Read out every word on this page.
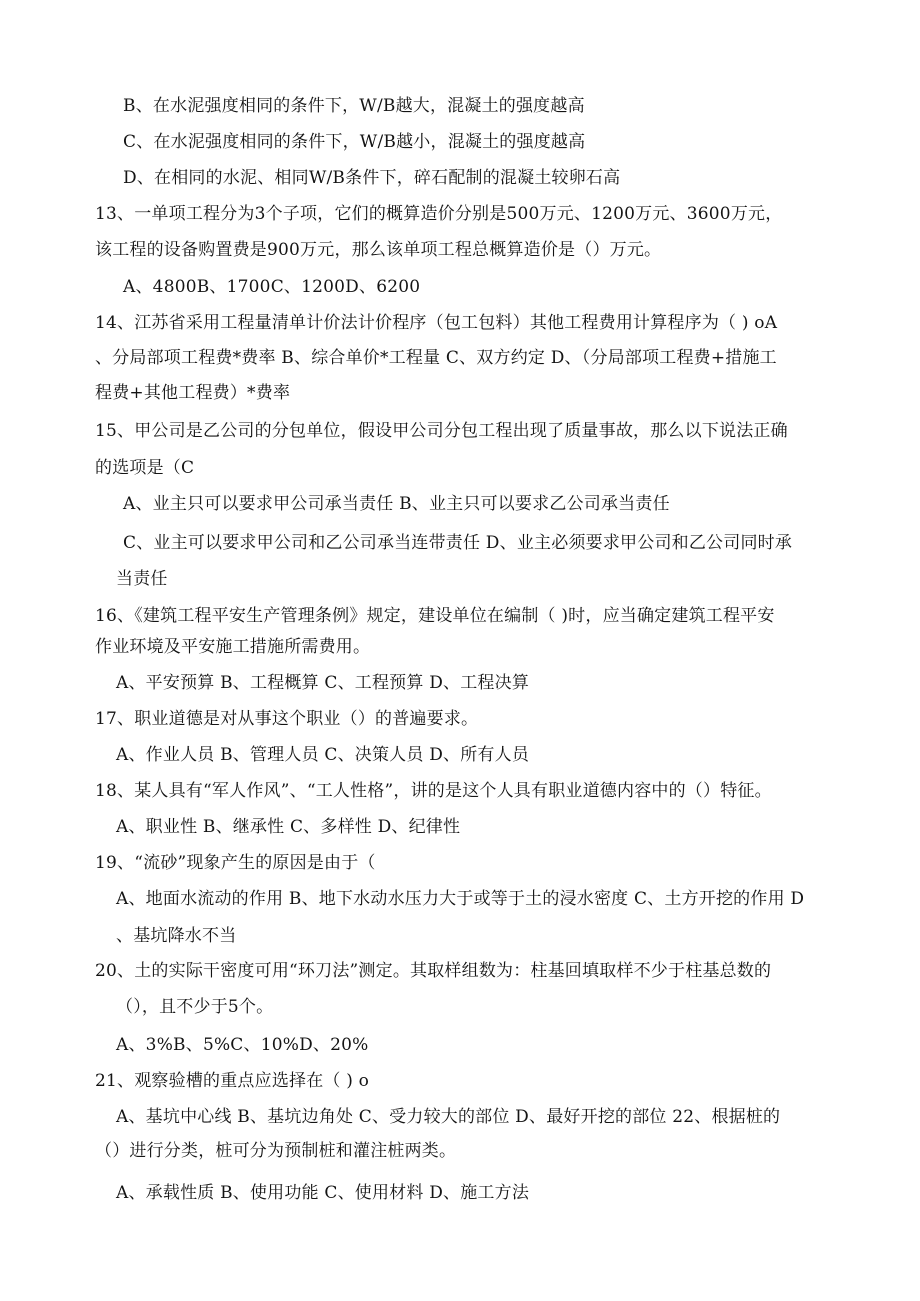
B、在水泥强度相同的条件下，W/B越大，混凝土的强度越高
C、在水泥强度相同的条件下，W/B越小，混凝土的强度越高
D、在相同的水泥、相同W/B条件下，碎石配制的混凝土较卵石高
13、一单项工程分为3个子项，它们的概算造价分别是500万元、1200万元、3600万元，
该工程的设备购置费是900万元，那么该单项工程总概算造价是（）万元。
A、4800B、1700C、1200D、6200
14、江苏省采用工程量清单计价法计价程序（包工包料）其他工程费用计算程序为（ ) oA
、分局部项工程费*费率 B、综合单价*工程量 C、双方约定 D、（分局部项工程费+措施工
程费+其他工程费）*费率
15、甲公司是乙公司的分包单位，假设甲公司分包工程出现了质量事故，那么以下说法正确
的选项是（C
A、业主只可以要求甲公司承当责任 B、业主只可以要求乙公司承当责任
C、业主可以要求甲公司和乙公司承当连带责任 D、业主必须要求甲公司和乙公司同时承
当责任
16、《建筑工程平安生产管理条例》规定，建设单位在编制（ )时，应当确定建筑工程平安
作业环境及平安施工措施所需费用。
A、平安预算 B、工程概算 C、工程预算 D、工程决算
17、职业道德是对从事这个职业（）的普遍要求。
A、作业人员 B、管理人员 C、决策人员 D、所有人员
18、某人具有“军人作风”、“工人性格”，讲的是这个人具有职业道德内容中的（）特征。
A、职业性 B、继承性 C、多样性 D、纪律性
19、“流砂”现象产生的原因是由于（
A、地面水流动的作用 B、地下水动水压力大于或等于土的浸水密度 C、土方开挖的作用 D
、基坑降水不当
20、土的实际干密度可用“环刀法”测定。其取样组数为：柱基回填取样不少于柱基总数的
（），且不少于5个。
A、3%B、5%C、10%D、20%
21、观察验槽的重点应选择在（ ) o
A、基坑中心线 B、基坑边角处 C、受力较大的部位 D、最好开挖的部位 22、根据桩的
（）进行分类，桩可分为预制桩和灌注桩两类。
A、承载性质 B、使用功能 C、使用材料 D、施工方法
